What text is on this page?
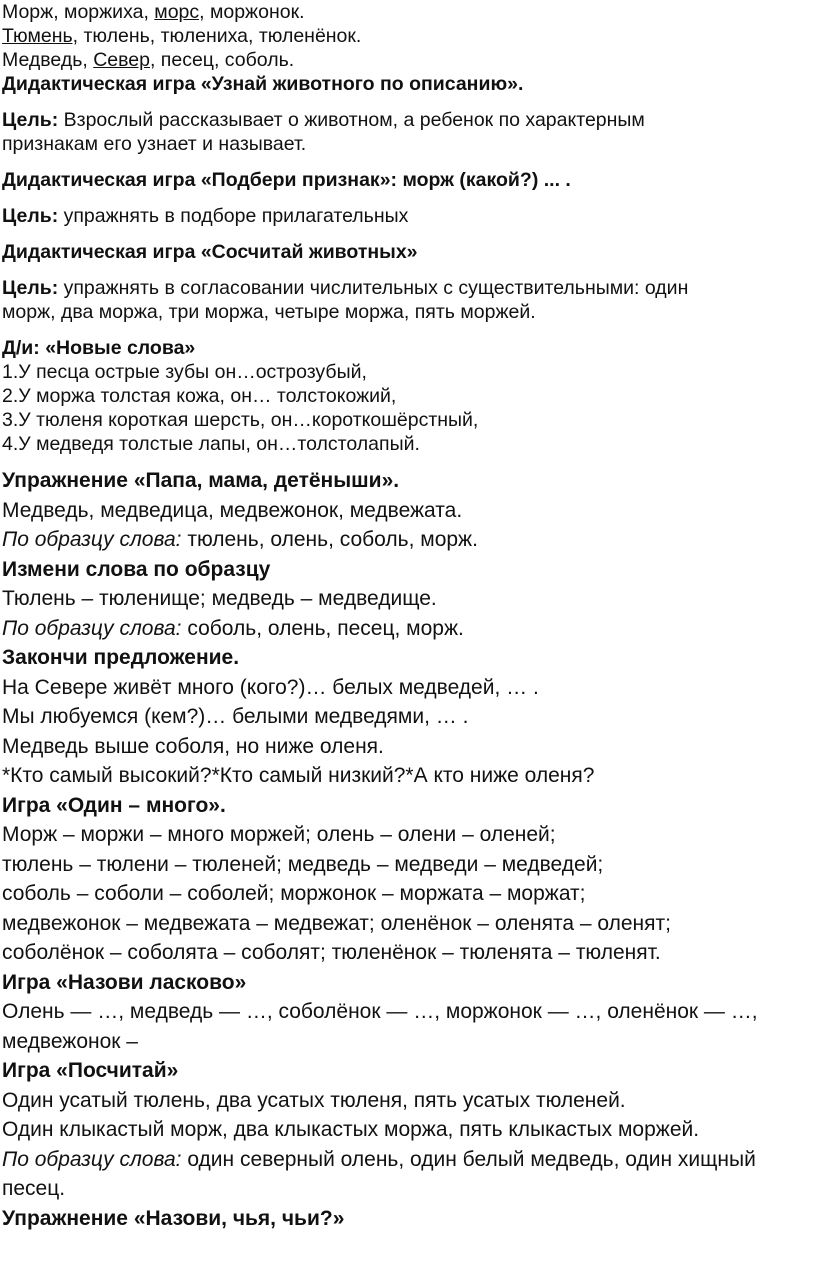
Морж, моржиха, морс, моржонок.
Тюмень, тюлень, тюлениха, тюленёнок.
Медведь, Север, песец, соболь.
Дидактическая игра «Узнай животного по описанию».
Цель: Взрослый рассказывает о животном, а ребенок по характерным
признакам его узнает и называет.
Дидактическая игра «Подбери признак»: морж (какой?) ... .
Цель: упражнять в подборе прилагательных
Дидактическая игра «Сосчитай животных»
Цель: упражнять в согласовании числительных с существительными: один
морж, два моржа, три моржа, четыре моржа, пять моржей.
Д/и: «Новые слова»
1.У песца острые зубы он…острозубый,
2.У моржа толстая кожа, он… толстокожий,
3.У тюленя короткая шерсть, он…короткошёрстный,
4.У медведя толстые лапы, он…толстолапый.
Упражнение «Папа, мама, детёныши».
Медведь, медведица, медвежонок, медвежата.
По образцу слова: тюлень, олень, соболь, морж.
Измени слова по образцу
Тюлень – тюленище; медведь – медведище.
По образцу слова: соболь, олень, песец, морж.
Закончи предложение.
На Севере живёт много (кого?)… белых медведей, … .
Мы любуемся (кем?)… белыми медведями, … .
Медведь выше соболя, но ниже оленя.
*Кто самый высокий?*Кто самый низкий?*А кто ниже оленя?
Игра «Один – много».
Морж – моржи – много моржей; олень – олени – оленей;
тюлень – тюлени – тюленей; медведь – медведи – медведей;
соболь – соболи – соболей; моржонок – моржата – моржат;
медвежонок – медвежата – медвежат; оленёнок – оленята – оленят;
соболёнок – соболята – соболят; тюленёнок – тюленята – тюленят.
Игра «Назови ласково»
Олень — …, медведь — …, соболёнок — …, моржонок — …, оленёнок — …,
медвежонок –
Игра «Посчитай»
Один усатый тюлень, два усатых тюленя, пять усатых тюленей.
Один клыкастый морж, два клыкастых моржа, пять клыкастых моржей.
По образцу слова: один северный олень, один белый медведь, один хищный
песец.
Упражнение «Назови, чья, чьи?»
